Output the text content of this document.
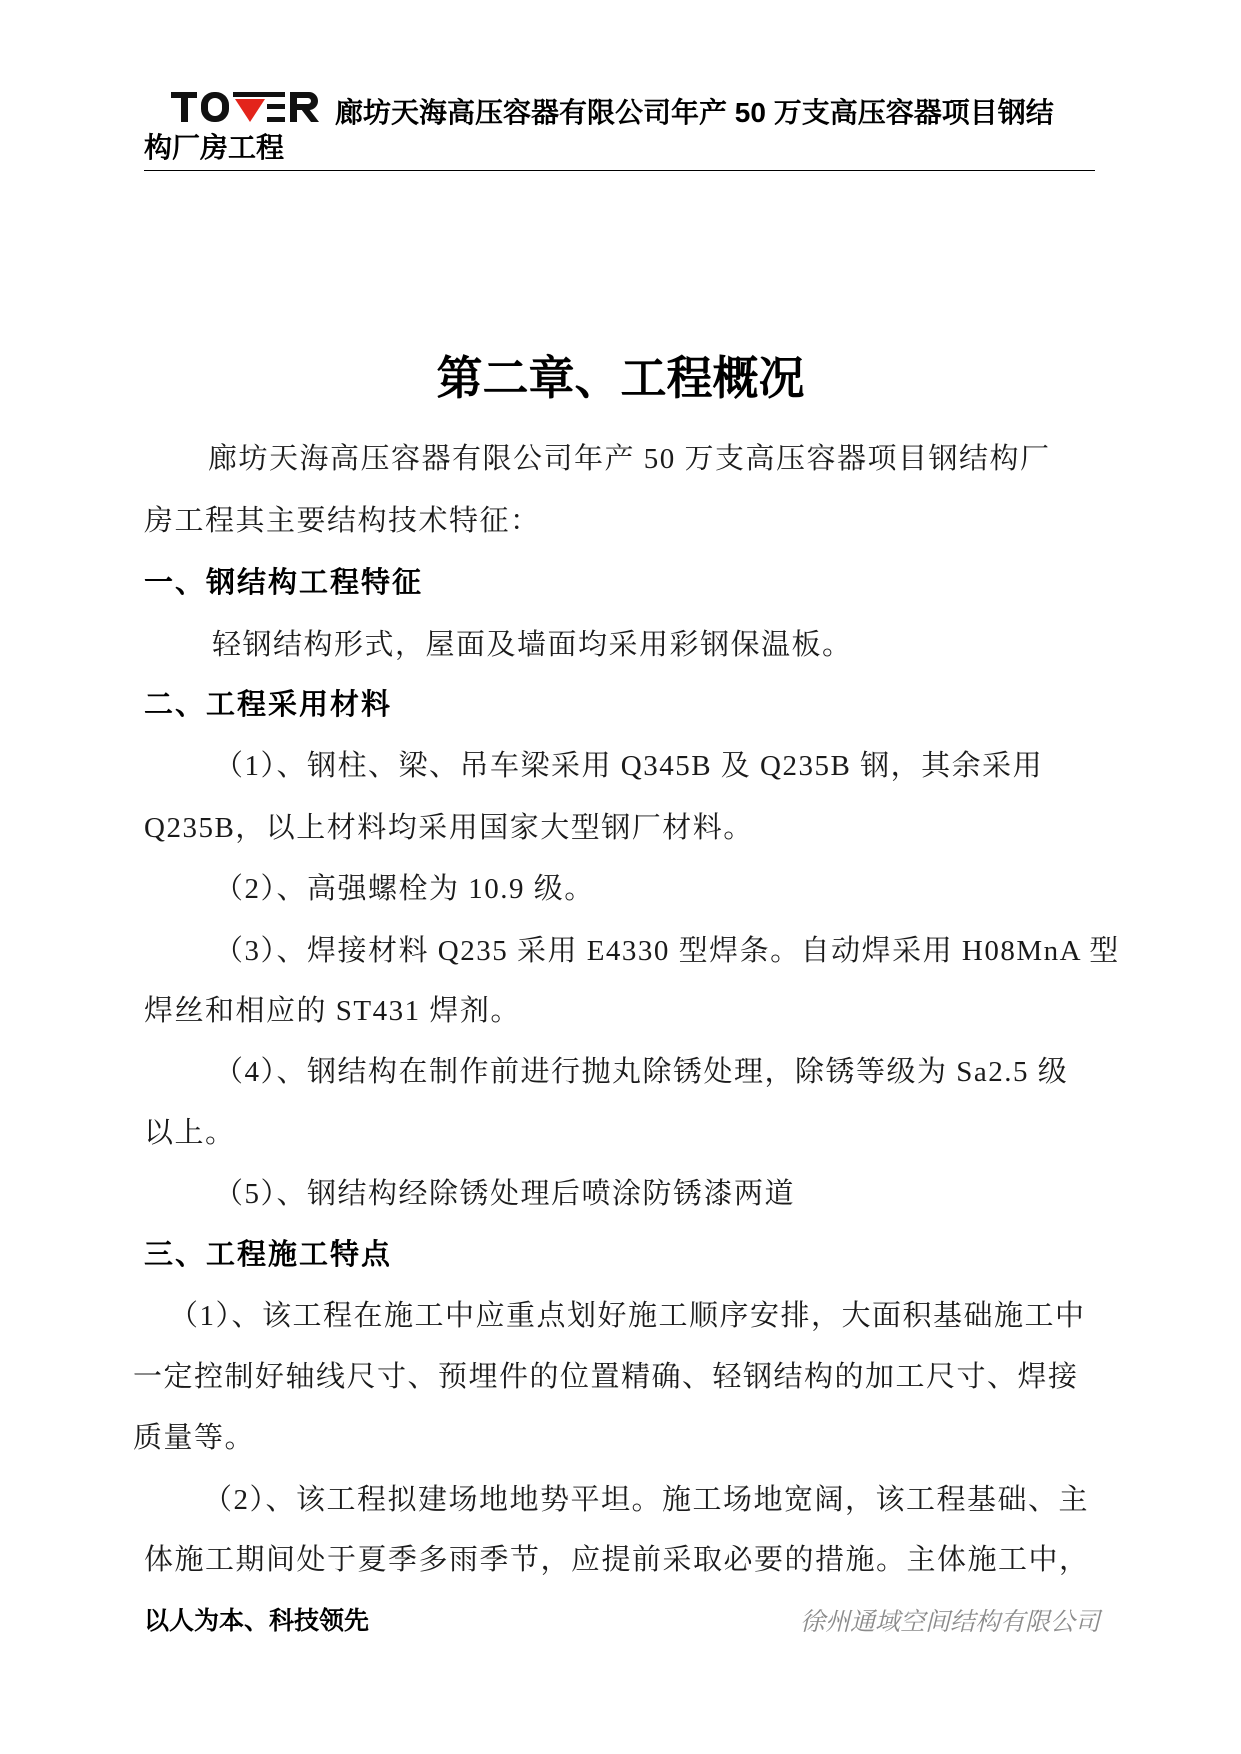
廊坊天海高压容器有限公司年产 50 万支高压容器项目钢结
构厂房工程
第二章、工程概况
廊坊天海高压容器有限公司年产 50 万支高压容器项目钢结构厂
房工程其主要结构技术特征：
一、钢结构工程特征
轻钢结构形式，屋面及墙面均采用彩钢保温板。
二、工程采用材料
（1）、钢柱、梁、吊车梁采用 Q345B 及 Q235B 钢，其余采用
Q235B，以上材料均采用国家大型钢厂材料。
（2）、高强螺栓为 10.9 级。
（3）、焊接材料 Q235 采用 E4330 型焊条。自动焊采用 H08MnA 型
焊丝和相应的 ST431 焊剂。
（4）、钢结构在制作前进行抛丸除锈处理，除锈等级为 Sa2.5 级
以上。
（5）、钢结构经除锈处理后喷涂防锈漆两道
三、工程施工特点
（1）、该工程在施工中应重点划好施工顺序安排，大面积基础施工中
一定控制好轴线尺寸、预埋件的位置精确、轻钢结构的加工尺寸、焊接
质量等。
（2）、该工程拟建场地地势平坦。施工场地宽阔，该工程基础、主
体施工期间处于夏季多雨季节，应提前采取必要的措施。主体施工中，
以人为本、科技领先	徐州通域空间结构有限公司
